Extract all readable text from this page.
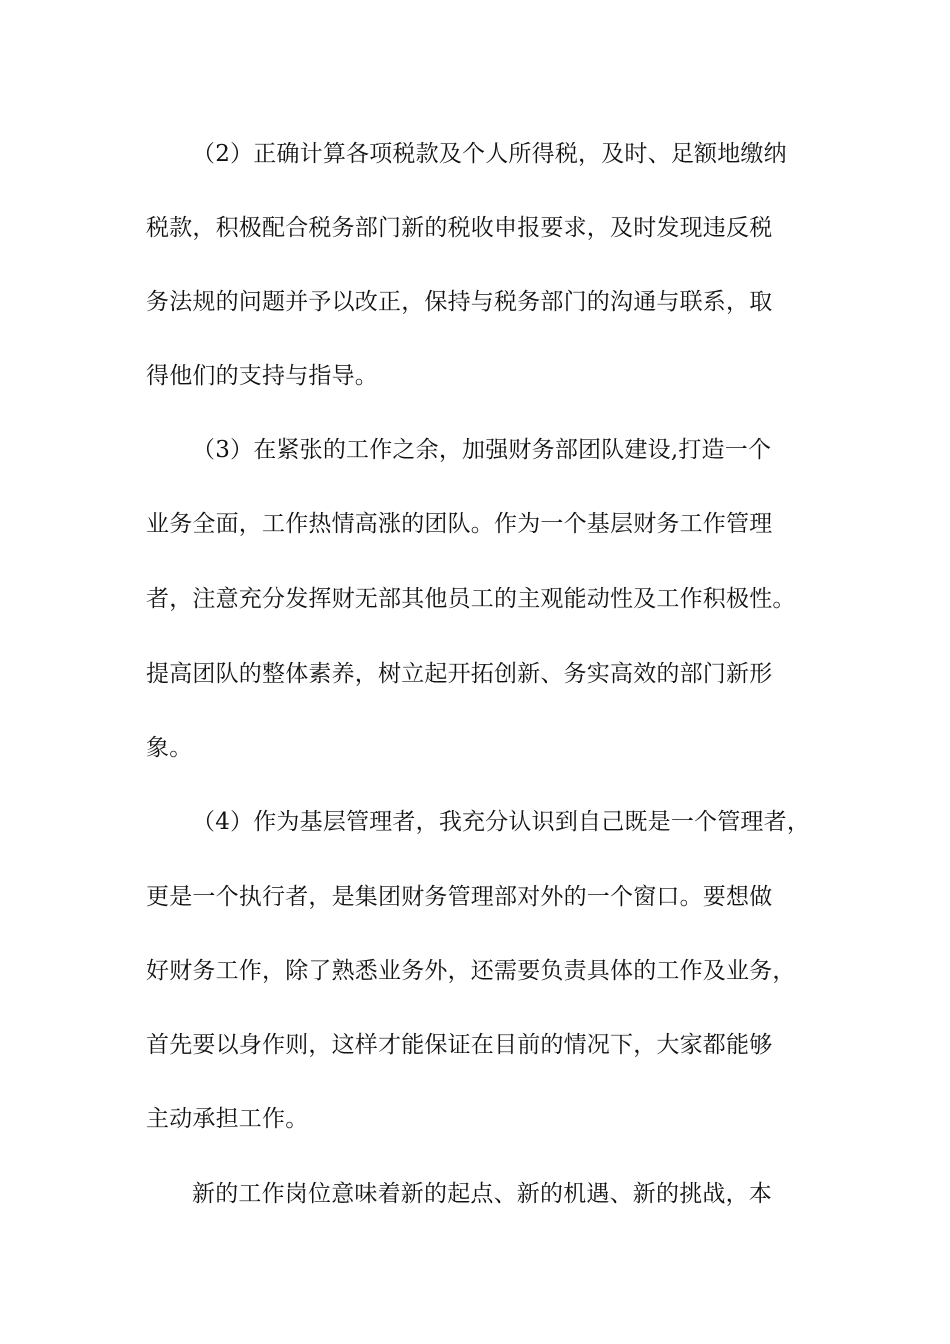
（2）正确计算各项税款及个人所得税，及时、足额地缴纳
税款，积极配合税务部门新的税收申报要求，及时发现违反税
务法规的问题并予以改正，保持与税务部门的沟通与联系，取
得他们的支持与指导。
（3）在紧张的工作之余，加强财务部团队建设,打造一个
业务全面，工作热情高涨的团队。作为一个基层财务工作管理
者，注意充分发挥财无部其他员工的主观能动性及工作积极性。
提高团队的整体素养，树立起开拓创新、务实高效的部门新形
象。
（4）作为基层管理者，我充分认识到自己既是一个管理者，
更是一个执行者，是集团财务管理部对外的一个窗口。要想做
好财务工作，除了熟悉业务外，还需要负责具体的工作及业务，
首先要以身作则，这样才能保证在目前的情况下，大家都能够
主动承担工作。
新的工作岗位意味着新的起点、新的机遇、新的挑战，本
